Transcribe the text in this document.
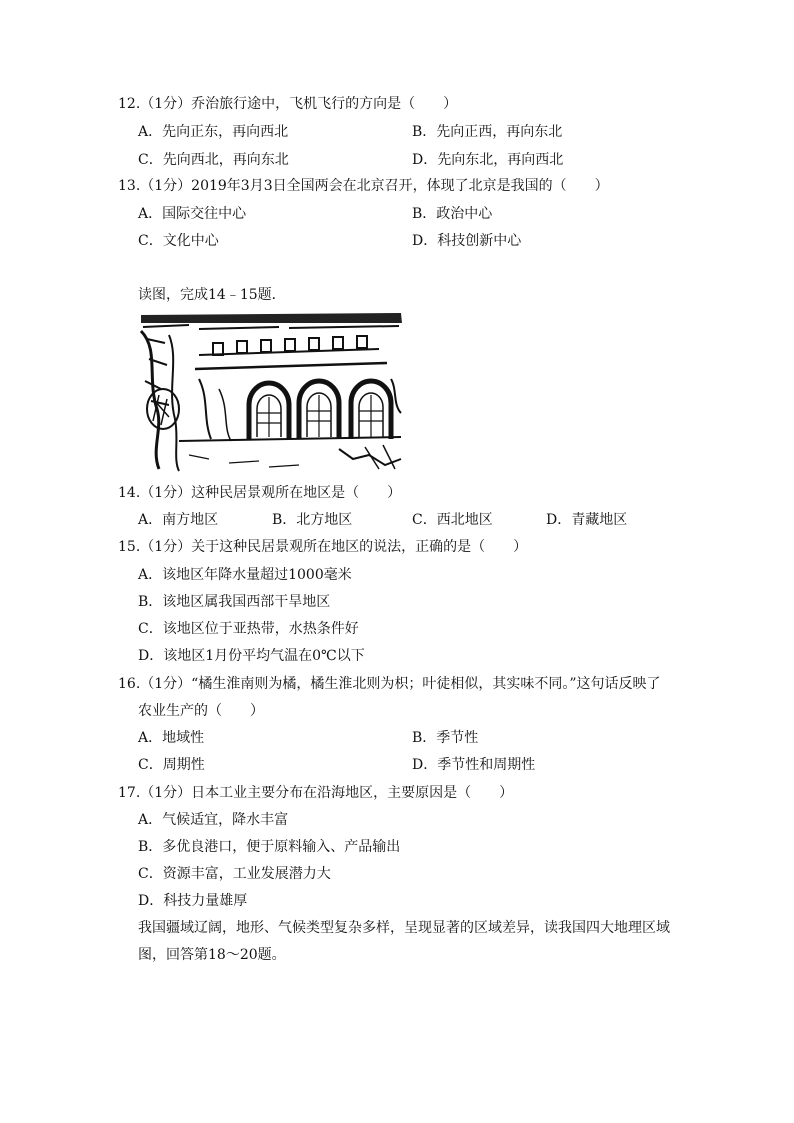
12.（1分）乔治旅行途中，飞机飞行的方向是（　　）
A．先向正东，再向西北	B．先向正西，再向东北
C．先向西北，再向东北	D．先向东北，再向西北
13.（1分）2019年3月3日全国两会在北京召开，体现了北京是我国的（　　）
A．国际交往中心	B．政治中心
C．文化中心	D．科技创新中心
读图，完成14﹣15题．
14.（1分）这种民居景观所在地区是（　　）
A．南方地区	B．北方地区	C．西北地区	D．青藏地区
15.（1分）关于这种民居景观所在地区的说法，正确的是（　　）
A．该地区年降水量超过1000毫米
B．该地区属我国西部干旱地区
C．该地区位于亚热带，水热条件好
D．该地区1月份平均气温在0℃以下
16.（1分）“橘生淮南则为橘，橘生淮北则为枳；叶徒相似，其实味不同。”这句话反映了
农业生产的（　　）
A．地域性	B．季节性
C．周期性	D．季节性和周期性
17.（1分）日本工业主要分布在沿海地区，主要原因是（　　）
A．气候适宜，降水丰富
B．多优良港口，便于原料输入、产品输出
C．资源丰富，工业发展潜力大
D．科技力量雄厚
我国疆域辽阔，地形、气候类型复杂多样，呈现显著的区域差异，读我国四大地理区域
图，回答第18～20题。
